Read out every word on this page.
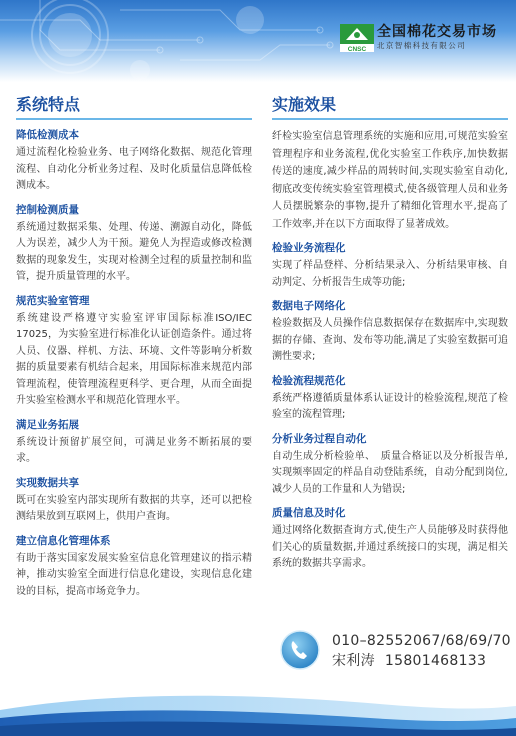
CNSC
全国棉花交易市场
北京智棉科技有限公司
系统特点
降低检测成本
通过流程化检验业务、电子网络化数据、规范化管理流程、自动化分析业务过程、及时化质量信息降低检测成本。
控制检测质量
系统通过数据采集、处理、传递、溯源自动化，降低人为误差，减少人为干预。避免人为捏造或修改检测数据的现象发生，实现对检测全过程的质量控制和监管，提升质量管理的水平。
规范实验室管理
系统建设严格遵守实验室评审国际标准ISO/IEC 17025，为实验室进行标准化认证创造条件。通过将人员、仪器、样机、方法、环境、文件等影响分析数据的质量要素有机结合起来，用国际标准来规范内部管理流程，使管理流程更科学、更合理，从而全面提升实验室检测水平和规范化管理水平。
满足业务拓展
系统设计预留扩展空间，可满足业务不断拓展的要求。
实现数据共享
既可在实验室内部实现所有数据的共享，还可以把检测结果放到互联网上，供用户查询。
建立信息化管理体系
有助于落实国家发展实验室信息化管理建议的指示精神，推动实验室全面进行信息化建设，实现信息化建设的目标，提高市场竞争力。
实施效果
纤检实验室信息管理系统的实施和应用,可规范实验室管理程序和业务流程,优化实验室工作秩序,加快数据传送的速度,减少样品的周转时间,实现实验室自动化,彻底改变传统实验室管理模式,使各级管理人员和业务人员摆脱繁杂的事物,提升了精细化管理水平,提高了工作效率,并在以下方面取得了显著成效。
检验业务流程化
实现了样品登样、分析结果录入、分析结果审核、自动判定、分析报告生成等功能;
数据电子网络化
检验数据及人员操作信息数据保存在数据库中,实现数据的存储、查询、发布等功能,满足了实验室数据可追溯性要求;
检验流程规范化
系统严格遵循质量体系认证设计的检验流程,规范了检验室的流程管理;
分析业务过程自动化
自动生成分析检验单、　质量合格证以及分析报告单,实现频率固定的样品自动登陆系统，自动分配到岗位,减少人员的工作量和人为错误;
质量信息及时化
通过网络化数据查询方式,使生产人员能够及时获得他们关心的质量数据,并通过系统接口的实现，满足相关系统的数据共享需求。
010–82552067/68/69/70
宋利涛 15801468133
